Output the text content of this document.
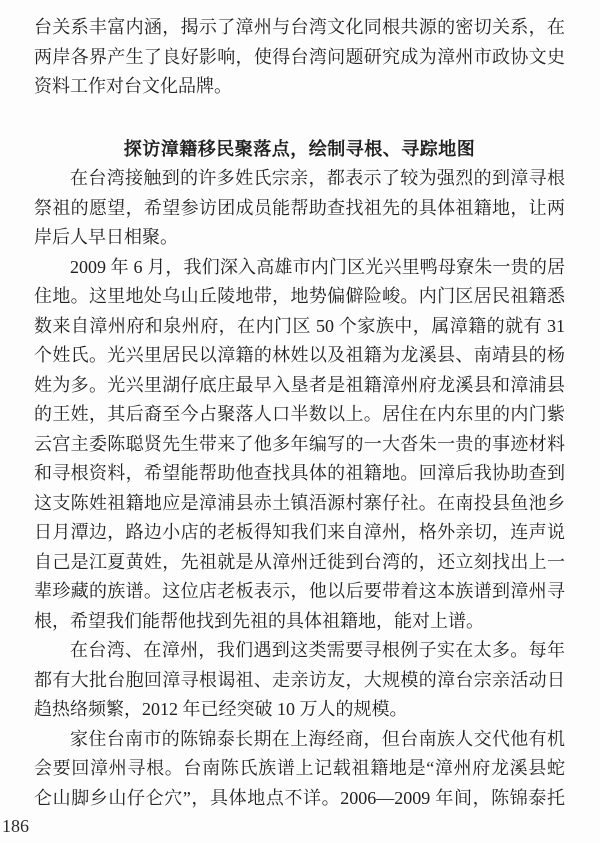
台关系丰富内涵，揭示了漳州与台湾文化同根共源的密切关系，在
两岸各界产生了良好影响，使得台湾问题研究成为漳州市政协文史
资料工作对台文化品牌。
探访漳籍移民聚落点，绘制寻根、寻踪地图
在台湾接触到的许多姓氏宗亲，都表示了较为强烈的到漳寻根
祭祖的愿望，希望参访团成员能帮助查找祖先的具体祖籍地，让两
岸后人早日相聚。
2009 年 6 月，我们深入高雄市内门区光兴里鸭母寮朱一贵的居
住地。这里地处乌山丘陵地带，地势偏僻险峻。内门区居民祖籍悉
数来自漳州府和泉州府，在内门区 50 个家族中，属漳籍的就有 31
个姓氏。光兴里居民以漳籍的林姓以及祖籍为龙溪县、南靖县的杨
姓为多。光兴里湖仔底庄最早入垦者是祖籍漳州府龙溪县和漳浦县
的王姓，其后裔至今占聚落人口半数以上。居住在内东里的内门紫
云宫主委陈聪贤先生带来了他多年编写的一大沓朱一贵的事迹材料
和寻根资料，希望能帮助他查找具体的祖籍地。回漳后我协助查到
这支陈姓祖籍地应是漳浦县赤土镇浯源村寨仔社。在南投县鱼池乡
日月潭边，路边小店的老板得知我们来自漳州，格外亲切，连声说
自己是江夏黄姓，先祖就是从漳州迁徙到台湾的，还立刻找出上一
辈珍藏的族谱。这位店老板表示，他以后要带着这本族谱到漳州寻
根，希望我们能帮他找到先祖的具体祖籍地，能对上谱。
在台湾、在漳州，我们遇到这类需要寻根例子实在太多。每年
都有大批台胞回漳寻根谒祖、走亲访友，大规模的漳台宗亲活动日
趋热络频繁，2012 年已经突破 10 万人的规模。
家住台南市的陈锦泰长期在上海经商，但台南族人交代他有机
会要回漳州寻根。台南陈氏族谱上记载祖籍地是“漳州府龙溪县蛇
仑山脚乡山仔仑穴”，具体地点不详。2006—2009 年间，陈锦泰托
186
